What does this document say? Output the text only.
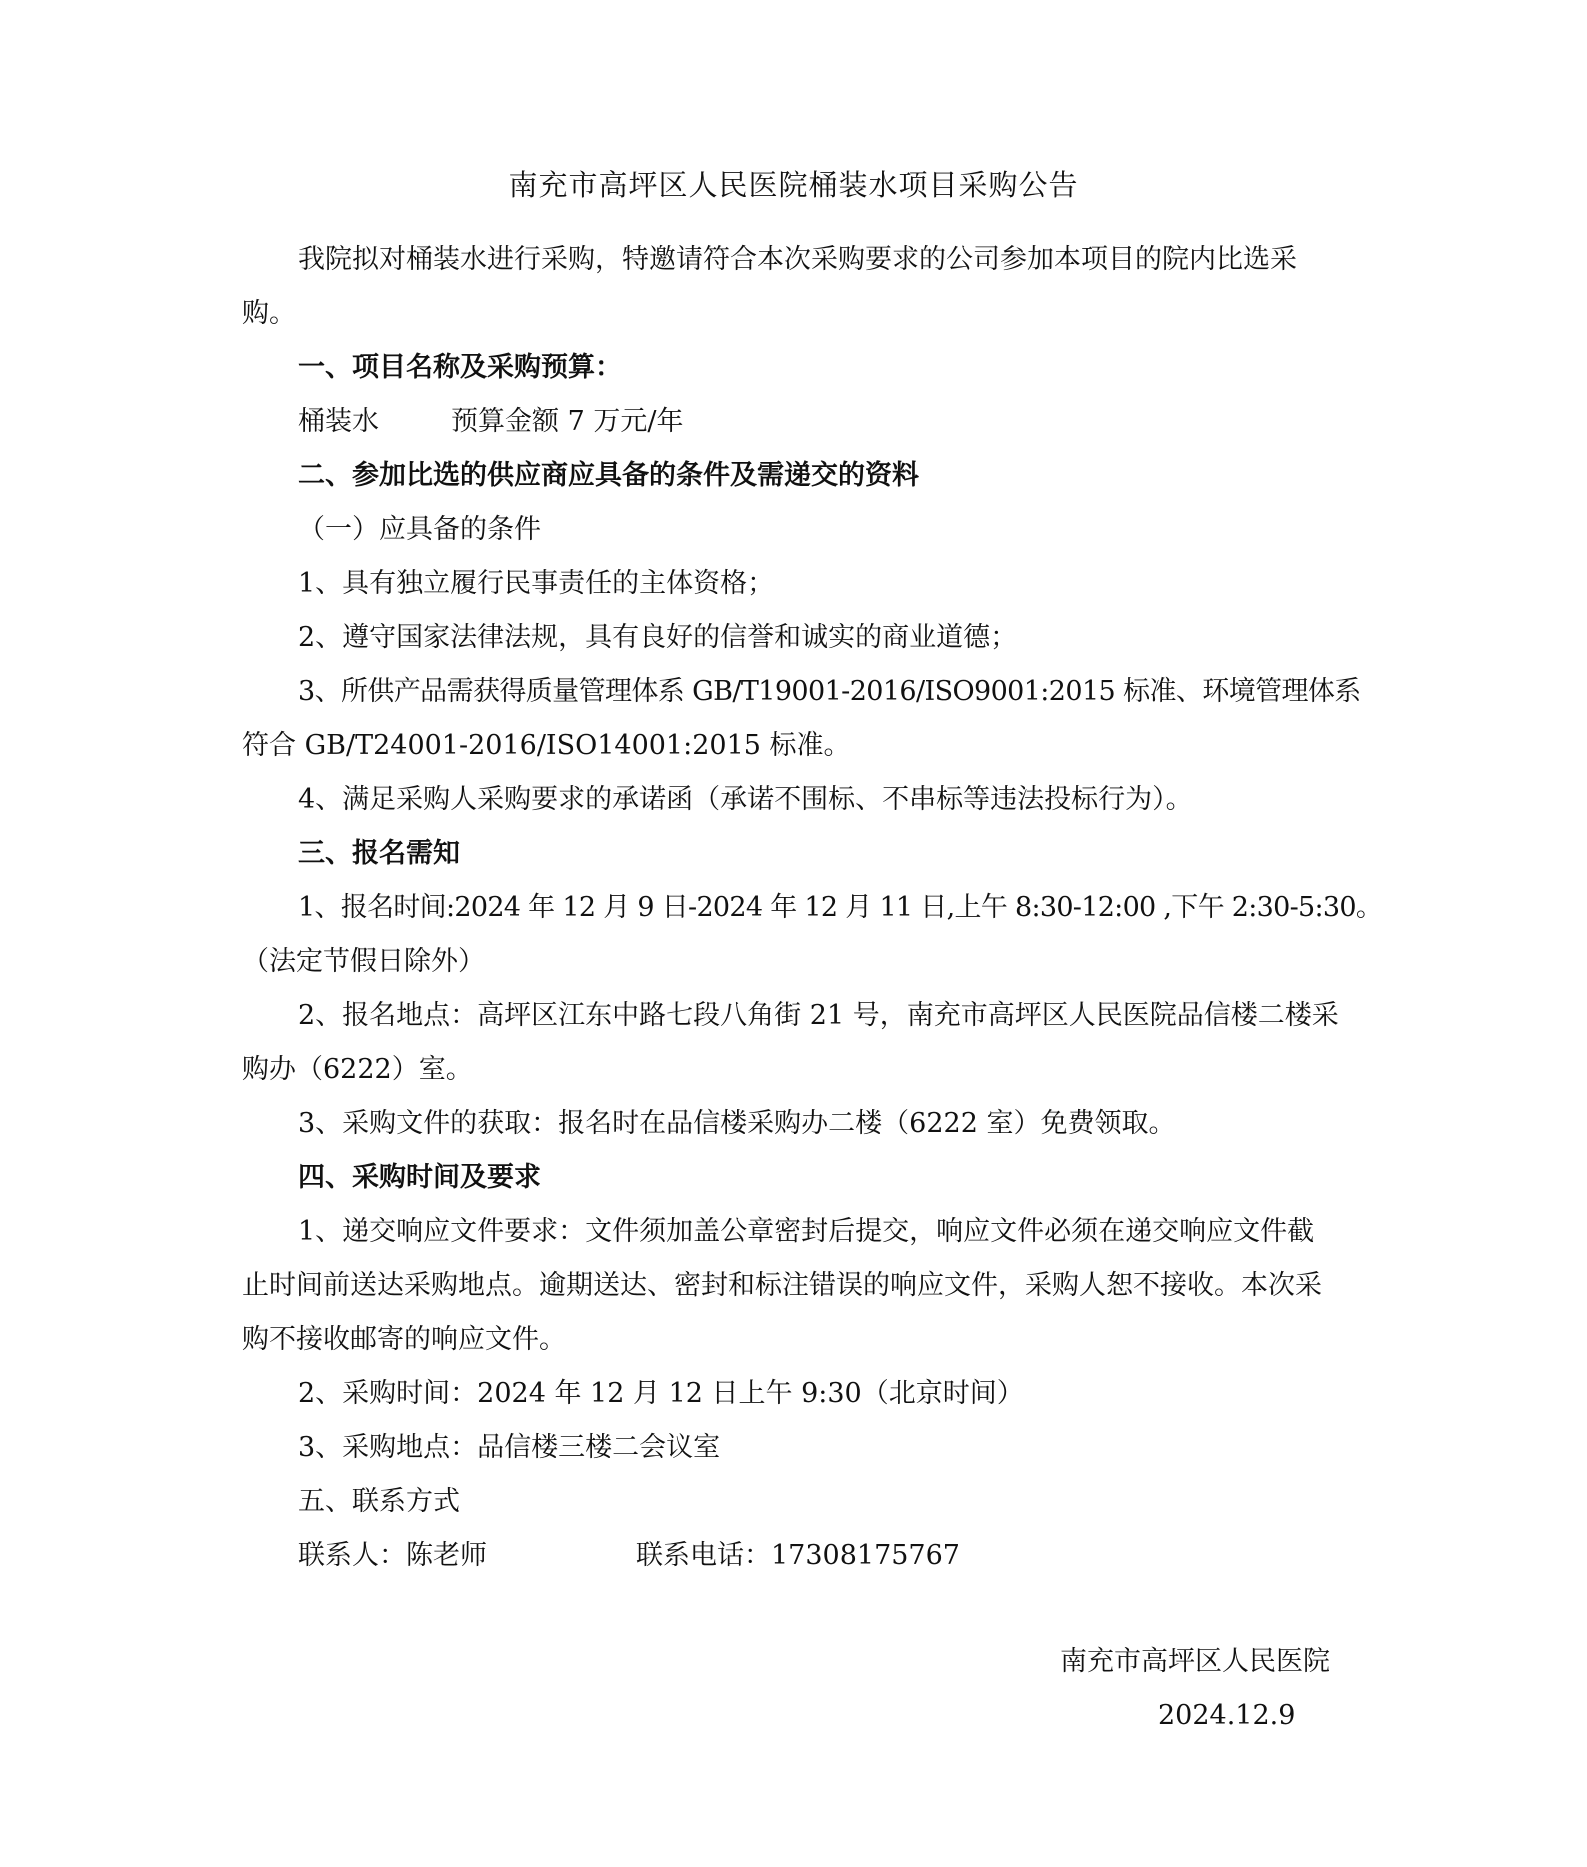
南充市高坪区人民医院桶装水项目采购公告

我院拟对桶装水进行采购，特邀请符合本次采购要求的公司参加本项目的院内比选采

购。

一、项目名称及采购预算：

桶装水	预算金额 7 万元/年

二、参加比选的供应商应具备的条件及需递交的资料

（一）应具备的条件

1、具有独立履行民事责任的主体资格；

2、遵守国家法律法规，具有良好的信誉和诚实的商业道德；

3、所供产品需获得质量管理体系 GB/T19001-2016/ISO9001:2015 标准、环境管理体系

符合 GB/T24001-2016/ISO14001:2015 标准。

4、满足采购人采购要求的承诺函（承诺不围标、不串标等违法投标行为）。

三、报名需知

1、报名时间:2024 年 12 月 9 日-2024 年 12 月 11 日,上午 8:30-12:00 ,下午 2:30-5:30。

（法定节假日除外）

2、报名地点：高坪区江东中路七段八角街 21 号，南充市高坪区人民医院品信楼二楼采

购办（6222）室。

3、采购文件的获取：报名时在品信楼采购办二楼（6222 室）免费领取。

四、采购时间及要求

1、递交响应文件要求：文件须加盖公章密封后提交，响应文件必须在递交响应文件截

止时间前送达采购地点。逾期送达、密封和标注错误的响应文件，采购人恕不接收。本次采

购不接收邮寄的响应文件。

2、采购时间：2024 年 12 月 12 日上午 9:30（北京时间）

3、采购地点：品信楼三楼二会议室

五、联系方式

联系人：陈老师	联系电话：17308175767

南充市高坪区人民医院

2024.12.9
